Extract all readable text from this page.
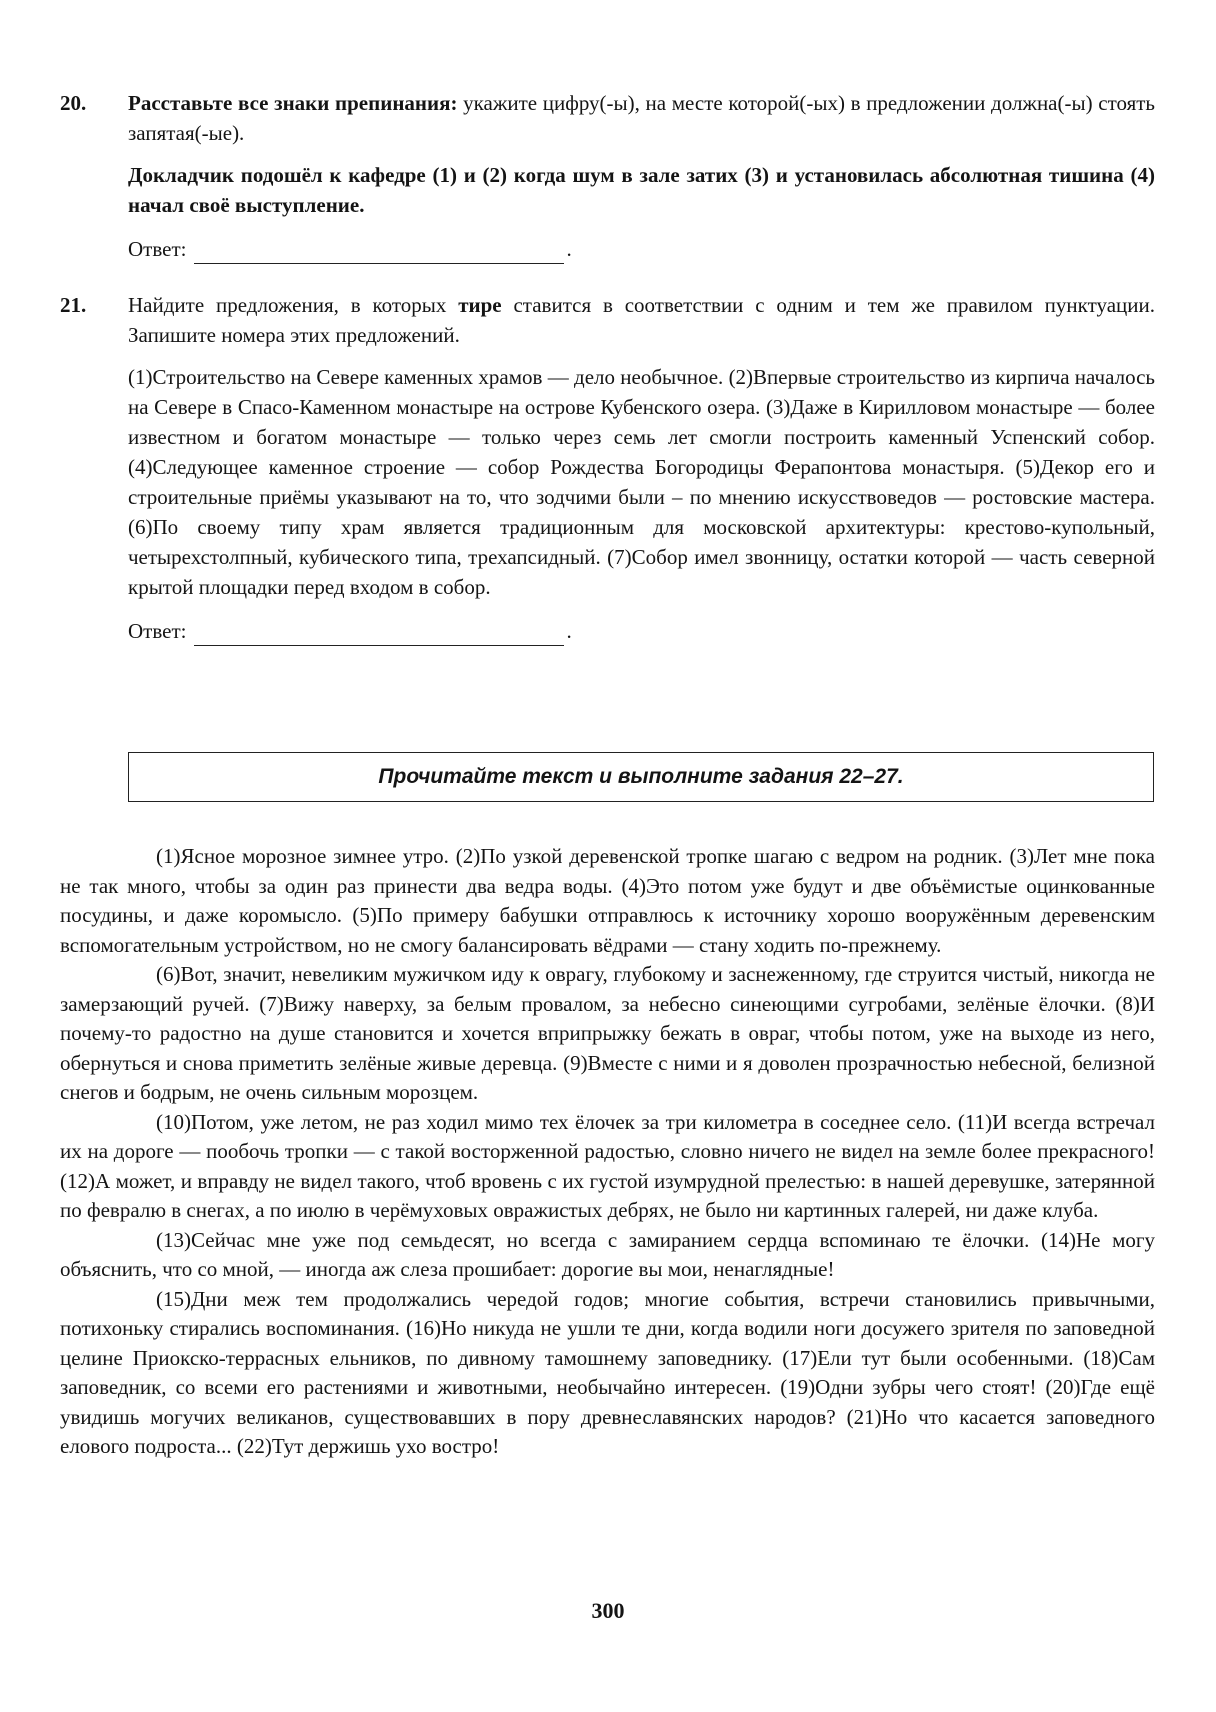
20. Расставьте все знаки препинания: укажите цифру(-ы), на месте которой(-ых) в предложении должна(-ы) стоять запятая(-ые).

Докладчик подошёл к кафедре (1) и (2) когда шум в зале затих (3) и установилась абсолютная тишина (4) начал своё выступление.

Ответ:	.
21. Найдите предложения, в которых тире ставится в соответствии с одним и тем же правилом пунктуации. Запишите номера этих предложений.

(1)Строительство на Севере каменных храмов — дело необычное. (2)Впервые строительство из кирпича началось на Севере в Спасо-Каменном монастыре на острове Кубенского озера. (3)Даже в Кирилловом монастыре — более известном и богатом монастыре — только через семь лет смогли построить каменный Успенский собор. (4)Следующее каменное строение — собор Рождества Богородицы Ферапонтова монастыря. (5)Декор его и строительные приёмы указывают на то, что зодчими были – по мнению искусствоведов — ростовские мастера. (6)По своему типу храм является традиционным для московской архитектуры: крестово-купольный, четырехстолпный, кубического типа, трехапсидный. (7)Собор имел звонницу, остатки которой — часть северной крытой площадки перед входом в собор.

Ответ:	.
Прочитайте текст и выполните задания 22–27.

(1)Ясное морозное зимнее утро. (2)По узкой деревенской тропке шагаю с ведром на родник. (3)Лет мне пока не так много, чтобы за один раз принести два ведра воды. (4)Это потом уже будут и две объёмистые оцинкованные посудины, и даже коромысло. (5)По примеру бабушки отправлюсь к источнику хорошо вооружённым деревенским вспомогательным устройством, но не смогу балансировать вёдрами — стану ходить по-прежнему.

(6)Вот, значит, невеликим мужичком иду к оврагу, глубокому и заснеженному, где струится чистый, никогда не замерзающий ручей. (7)Вижу наверху, за белым провалом, за небесно синеющими сугробами, зелёные ёлочки. (8)И почему-то радостно на душе становится и хочется вприпрыжку бежать в овраг, чтобы потом, уже на выходе из него, обернуться и снова приметить зелёные живые деревца. (9)Вместе с ними и я доволен прозрачностью небесной, белизной снегов и бодрым, не очень сильным морозцем.

(10)Потом, уже летом, не раз ходил мимо тех ёлочек за три километра в соседнее село. (11)И всегда встречал их на дороге — пообочь тропки — с такой восторженной радостью, словно ничего не видел на земле более прекрасного! (12)А может, и вправду не видел такого, чтоб вровень с их густой изумрудной прелестью: в нашей деревушке, затерянной по февралю в снегах, а по июлю в черёмуховых овражистых дебрях, не было ни картинных галерей, ни даже клуба.

(13)Сейчас мне уже под семьдесят, но всегда с замиранием сердца вспоминаю те ёлочки. (14)Не могу объяснить, что со мной, — иногда аж слеза прошибает: дорогие вы мои, ненаглядные!

(15)Дни меж тем продолжались чередой годов; многие события, встречи становились привычными, потихоньку стирались воспоминания. (16)Но никуда не ушли те дни, когда водили ноги досужего зрителя по заповедной целине Приокско-террасных ельников, по дивному тамошнему заповеднику. (17)Ели тут были особенными. (18)Сам заповедник, со всеми его растениями и животными, необычайно интересен. (19)Одни зубры чего стоят! (20)Где ещё увидишь могучих великанов, существовавших в пору древнеславянских народов? (21)Но что касается заповедного елового подроста... (22)Тут держишь ухо востро!

300
